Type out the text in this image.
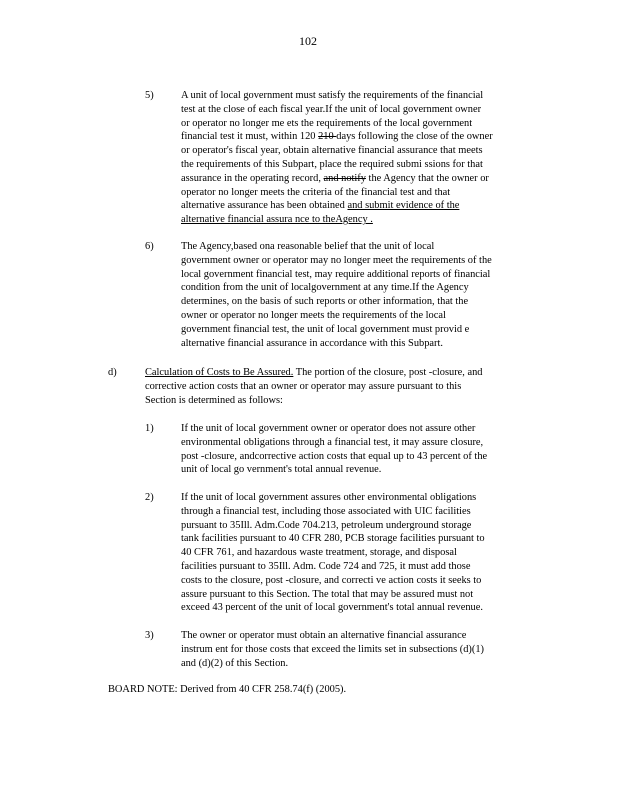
102
5)	A unit of local government must satisfy the requirements of the financial
test at the close of each fiscal year.If the unit of local government owner
or operator no longer me ets the requirements of the local government
financial test it must, within 120 210 days following the close of the owner
or operator's fiscal year, obtain alternative financial assurance that meets
the requirements of this Subpart, place the required submi ssions for that
assurance in the operating record, and notify the Agency that the owner or
operator no longer meets the criteria of the financial test and that
alternative assurance has been obtained and submit evidence of the
alternative financial assura nce to theAgency .
6)	The Agency,based ona reasonable belief that the unit of local
government owner or operator may no longer meet the requirements of the
local government financial test, may require additional reports of financial
condition from the unit of localgovernment at any time.If the Agency
determines, on the basis of such reports or other information, that the
owner or operator no longer meets the requirements of the local
government financial test, the unit of local government must provid e
alternative financial assurance in accordance with this Subpart.
d)	Calculation of Costs to Be Assured. The portion of the closure, post -closure, and
corrective action costs that an owner or operator may assure pursuant to this
Section is determined as follows:
1)	If the unit of local government owner or operator does not assure other
environmental obligations through a financial test, it may assure closure,
post -closure, andcorrective action costs that equal up to 43 percent of the
unit of local go vernment's total annual revenue.
2)	If the unit of local government assures other environmental obligations
through a financial test, including those associated with UIC facilities
pursuant to 35Ill. Adm.Code 704.213, petroleum underground storage
tank facilities pursuant to 40 CFR 280, PCB storage facilities pursuant to
40 CFR 761, and hazardous waste treatment, storage, and disposal
facilities pursuant to 35Ill. Adm. Code 724 and 725, it must add those
costs to the closure, post -closure, and correcti ve action costs it seeks to
assure pursuant to this Section. The total that may be assured must not
exceed 43 percent of the unit of local government's total annual revenue.
3)	The owner or operator must obtain an alternative financial assurance
instrum ent for those costs that exceed the limits set in subsections (d)(1)
and (d)(2) of this Section.
BOARD NOTE: Derived from 40 CFR 258.74(f) (2005).
